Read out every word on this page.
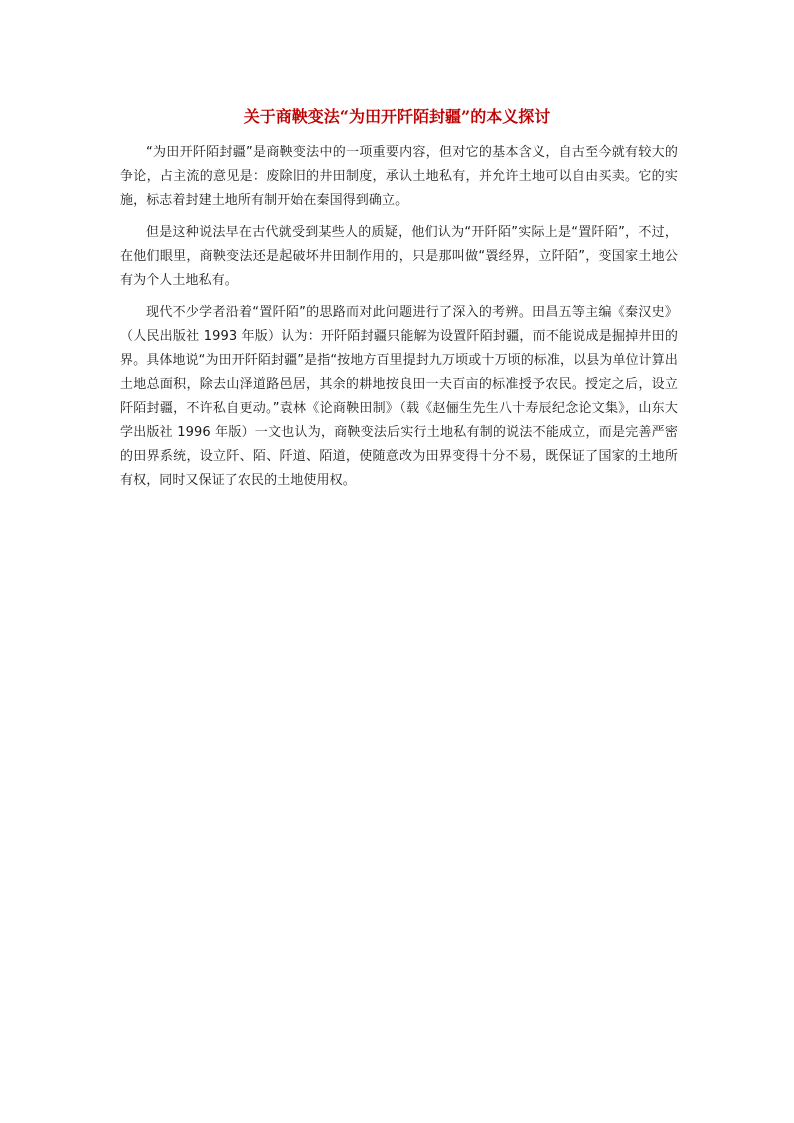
关于商鞅变法“为田开阡陌封疆”的本义探讨

“为田开阡陌封疆”是商鞅变法中的一项重要内容，但对它的基本含义，自古至今就有较大的争论，占主流的意见是：废除旧的井田制度，承认土地私有，并允许土地可以自由买卖。它的实施，标志着封建土地所有制开始在秦国得到确立。

但是这种说法早在古代就受到某些人的质疑，他们认为“开阡陌”实际上是“置阡陌”，不过，在他们眼里，商鞅变法还是起破坏井田制作用的，只是那叫做“瞏经界，立阡陌”，变国家土地公有为个人土地私有。

现代不少学者沿着“置阡陌”的思路而对此问题进行了深入的考辨。田昌五等主编《秦汉史》（人民出版社 1993 年版）认为：开阡陌封疆只能解为设置阡陌封疆，而不能说成是掘掉井田的界。具体地说“为田开阡陌封疆”是指“按地方百里提封九万顷或十万顷的标准，以县为单位计算出土地总面积，除去山泽道路邑居，其余的耕地按良田一夫百亩的标准授予农民。授定之后，设立阡陌封疆，不许私自更动。”袁林《论商鞅田制》（载《赵俪生先生八十寿辰纪念论文集》，山东大学出版社 1996 年版）一文也认为，商鞅变法后实行土地私有制的说法不能成立，而是完善严密的田界系统，设立阡、陌、阡道、陌道，使随意改为田界变得十分不易，既保证了国家的土地所有权，同时又保证了农民的土地使用权。
